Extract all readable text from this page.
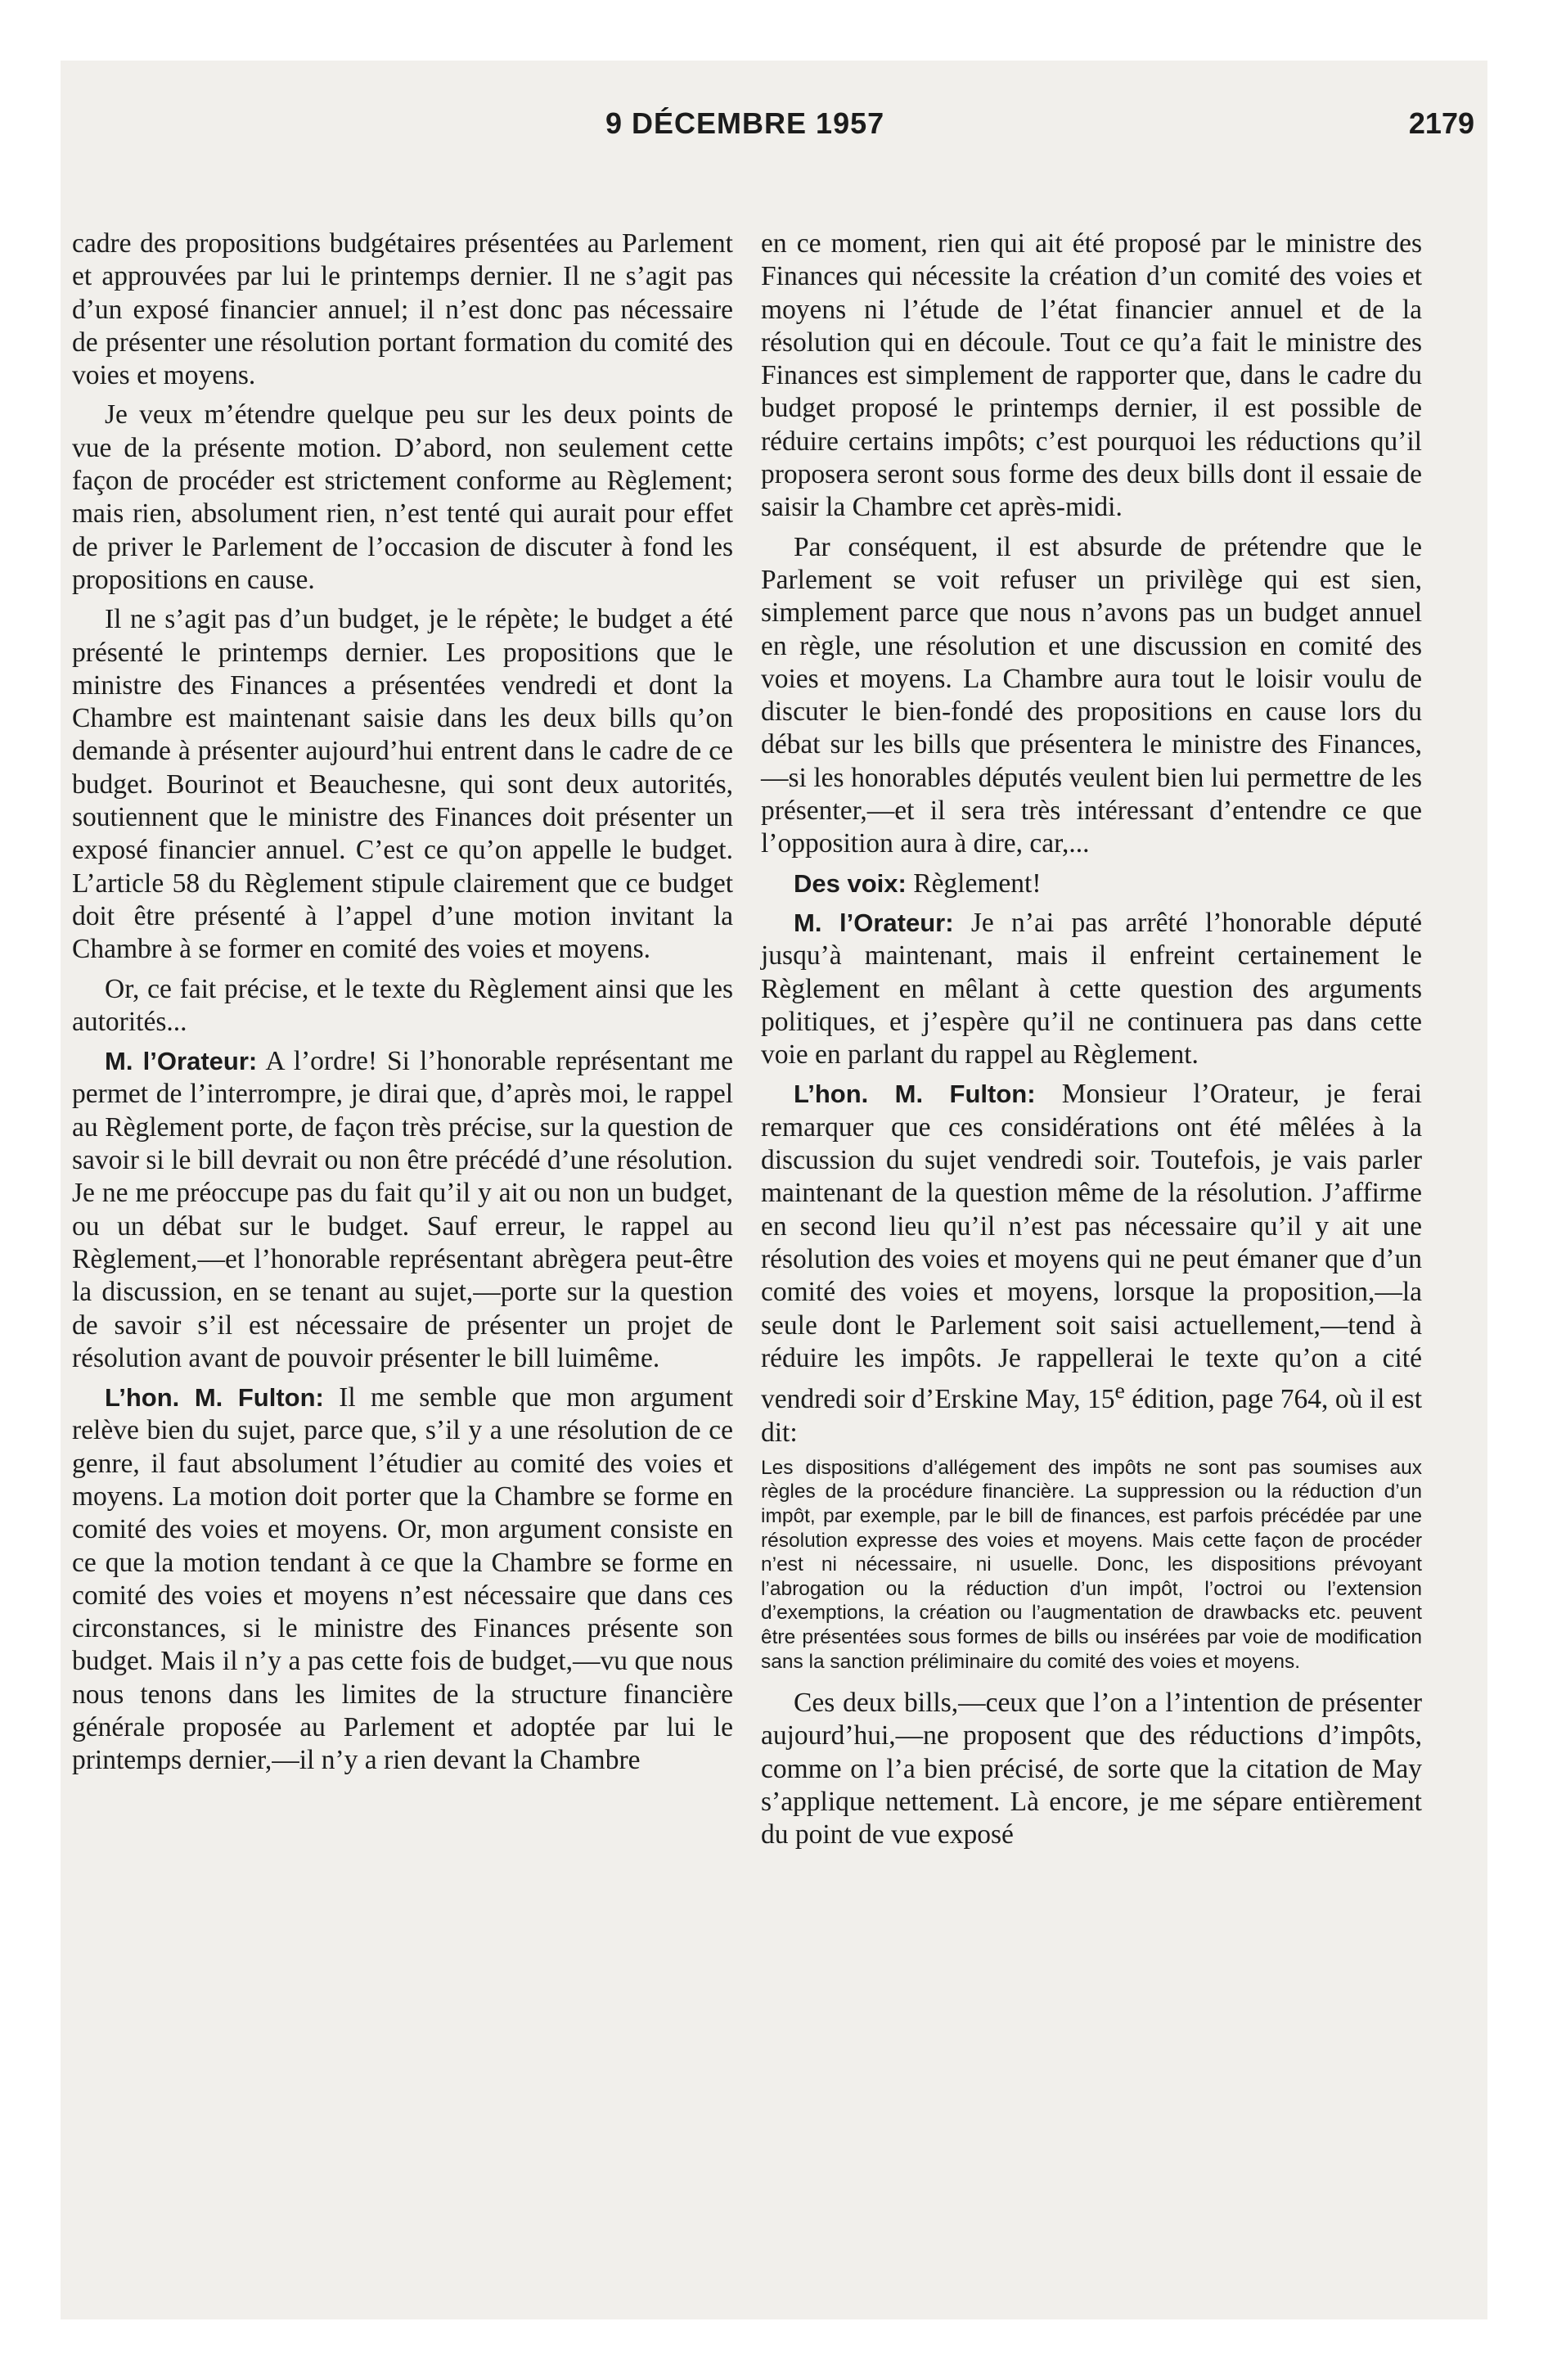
9 DÉCEMBRE 1957	2179

cadre des propositions budgétaires présentées au Parlement et approuvées par lui le printemps dernier. Il ne s’agit pas d’un exposé financier annuel; il n’est donc pas nécessaire de présenter une résolution portant formation du comité des voies et moyens.

Je veux m’étendre quelque peu sur les deux points de vue de la présente motion. D’abord, non seulement cette façon de procéder est strictement conforme au Règlement; mais rien, absolument rien, n’est tenté qui aurait pour effet de priver le Parlement de l’occasion de discuter à fond les propositions en cause.

Il ne s’agit pas d’un budget, je le répète; le budget a été présenté le printemps dernier. Les propositions que le ministre des Finances a présentées vendredi et dont la Chambre est maintenant saisie dans les deux bills qu’on demande à présenter aujourd’hui entrent dans le cadre de ce budget. Bourinot et Beauchesne, qui sont deux autorités, soutiennent que le ministre des Finances doit présenter un exposé financier annuel. C’est ce qu’on appelle le budget. L’article 58 du Règlement stipule clairement que ce budget doit être présenté à l’appel d’une motion invitant la Chambre à se former en comité des voies et moyens.

Or, ce fait précise, et le texte du Règlement ainsi que les autorités...

M. l’Orateur: A l’ordre! Si l’honorable représentant me permet de l’interrompre, je dirai que, d’après moi, le rappel au Règlement porte, de façon très précise, sur la question de savoir si le bill devrait ou non être précédé d’une résolution. Je ne me préoccupe pas du fait qu’il y ait ou non un budget, ou un débat sur le budget. Sauf erreur, le rappel au Règlement,—et l’honorable représentant abrègera peut-être la discussion, en se tenant au sujet,—porte sur la question de savoir s’il est nécessaire de présenter un projet de résolution avant de pouvoir présenter le bill luimême.

L’hon. M. Fulton: Il me semble que mon argument relève bien du sujet, parce que, s’il y a une résolution de ce genre, il faut absolument l’étudier au comité des voies et moyens. La motion doit porter que la Chambre se forme en comité des voies et moyens. Or, mon argument consiste en ce que la motion tendant à ce que la Chambre se forme en comité des voies et moyens n’est nécessaire que dans ces circonstances, si le ministre des Finances présente son budget. Mais il n’y a pas cette fois de budget,—vu que nous nous tenons dans les limites de la structure financière générale proposée au Parlement et adoptée par lui le printemps dernier,—il n’y a rien devant la Chambre

en ce moment, rien qui ait été proposé par le ministre des Finances qui nécessite la création d’un comité des voies et moyens ni l’étude de l’état financier annuel et de la résolution qui en découle. Tout ce qu’a fait le ministre des Finances est simplement de rapporter que, dans le cadre du budget proposé le printemps dernier, il est possible de réduire certains impôts; c’est pourquoi les réductions qu’il proposera seront sous forme des deux bills dont il essaie de saisir la Chambre cet après-midi.

Par conséquent, il est absurde de prétendre que le Parlement se voit refuser un privilège qui est sien, simplement parce que nous n’avons pas un budget annuel en règle, une résolution et une discussion en comité des voies et moyens. La Chambre aura tout le loisir voulu de discuter le bien-fondé des propositions en cause lors du débat sur les bills que présentera le ministre des Finances, —si les honorables députés veulent bien lui permettre de les présenter,—et il sera très intéressant d’entendre ce que l’opposition aura à dire, car,...

Des voix: Règlement!

M. l’Orateur: Je n’ai pas arrêté l’honorable député jusqu’à maintenant, mais il enfreint certainement le Règlement en mêlant à cette question des arguments politiques, et j’espère qu’il ne continuera pas dans cette voie en parlant du rappel au Règlement.

L’hon. M. Fulton: Monsieur l’Orateur, je ferai remarquer que ces considérations ont été mêlées à la discussion du sujet vendredi soir. Toutefois, je vais parler maintenant de la question même de la résolution. J’affirme en second lieu qu’il n’est pas nécessaire qu’il y ait une résolution des voies et moyens qui ne peut émaner que d’un comité des voies et moyens, lorsque la proposition,—la seule dont le Parlement soit saisi actuellement,—tend à réduire les impôts. Je rappellerai le texte qu’on a cité vendredi soir d’Erskine May, 15e édition, page 764, où il est dit:

Les dispositions d’allégement des impôts ne sont pas soumises aux règles de la procédure financière. La suppression ou la réduction d’un impôt, par exemple, par le bill de finances, est parfois précédée par une résolution expresse des voies et moyens. Mais cette façon de procéder n’est ni nécessaire, ni usuelle. Donc, les dispositions prévoyant l’abrogation ou la réduction d’un impôt, l’octroi ou l’extension d’exemptions, la création ou l’augmentation de drawbacks etc. peuvent être présentées sous formes de bills ou insérées par voie de modification sans la sanction préliminaire du comité des voies et moyens.

Ces deux bills,—ceux que l’on a l’intention de présenter aujourd’hui,—ne proposent que des réductions d’impôts, comme on l’a bien précisé, de sorte que la citation de May s’applique nettement. Là encore, je me sépare entièrement du point de vue exposé
